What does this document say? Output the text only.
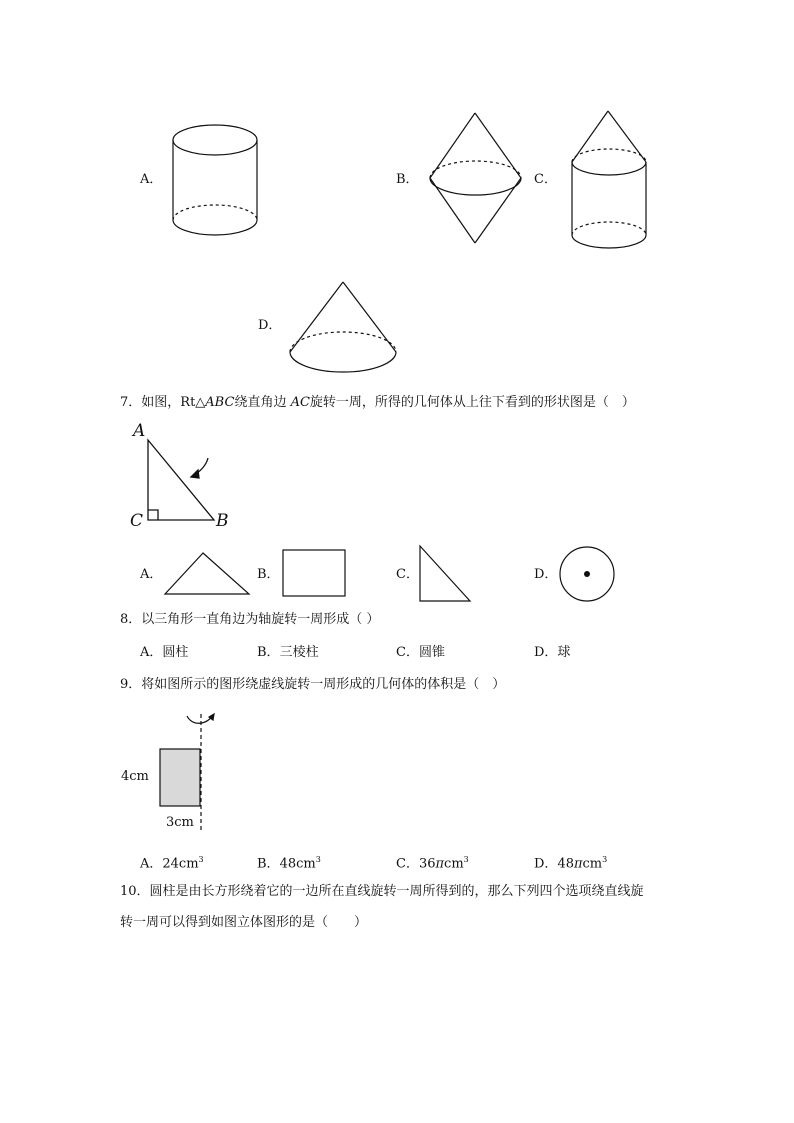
A．	B．	C．
D．
7．如图，Rt△ABC绕直角边 AC旋转一周，所得的几何体从上往下看到的形状图是（　）
A
C	B
A．	B．	C．	D．
8．以三角形一直角边为轴旋转一周形成（ ）
A．圆柱	B．三棱柱	C．圆锥	D．球
9．将如图所示的图形绕虚线旋转一周形成的几何体的体积是（　）
4cm
3cm
A．$24cm^3$	B．$48cm^3$	C．36πcm$^3$	D．48πcm$^3$
10．圆柱是由长方形绕着它的一边所在直线旋转一周所得到的，那么下列四个选项绕直线旋
转一周可以得到如图立体图形的是（　　）
